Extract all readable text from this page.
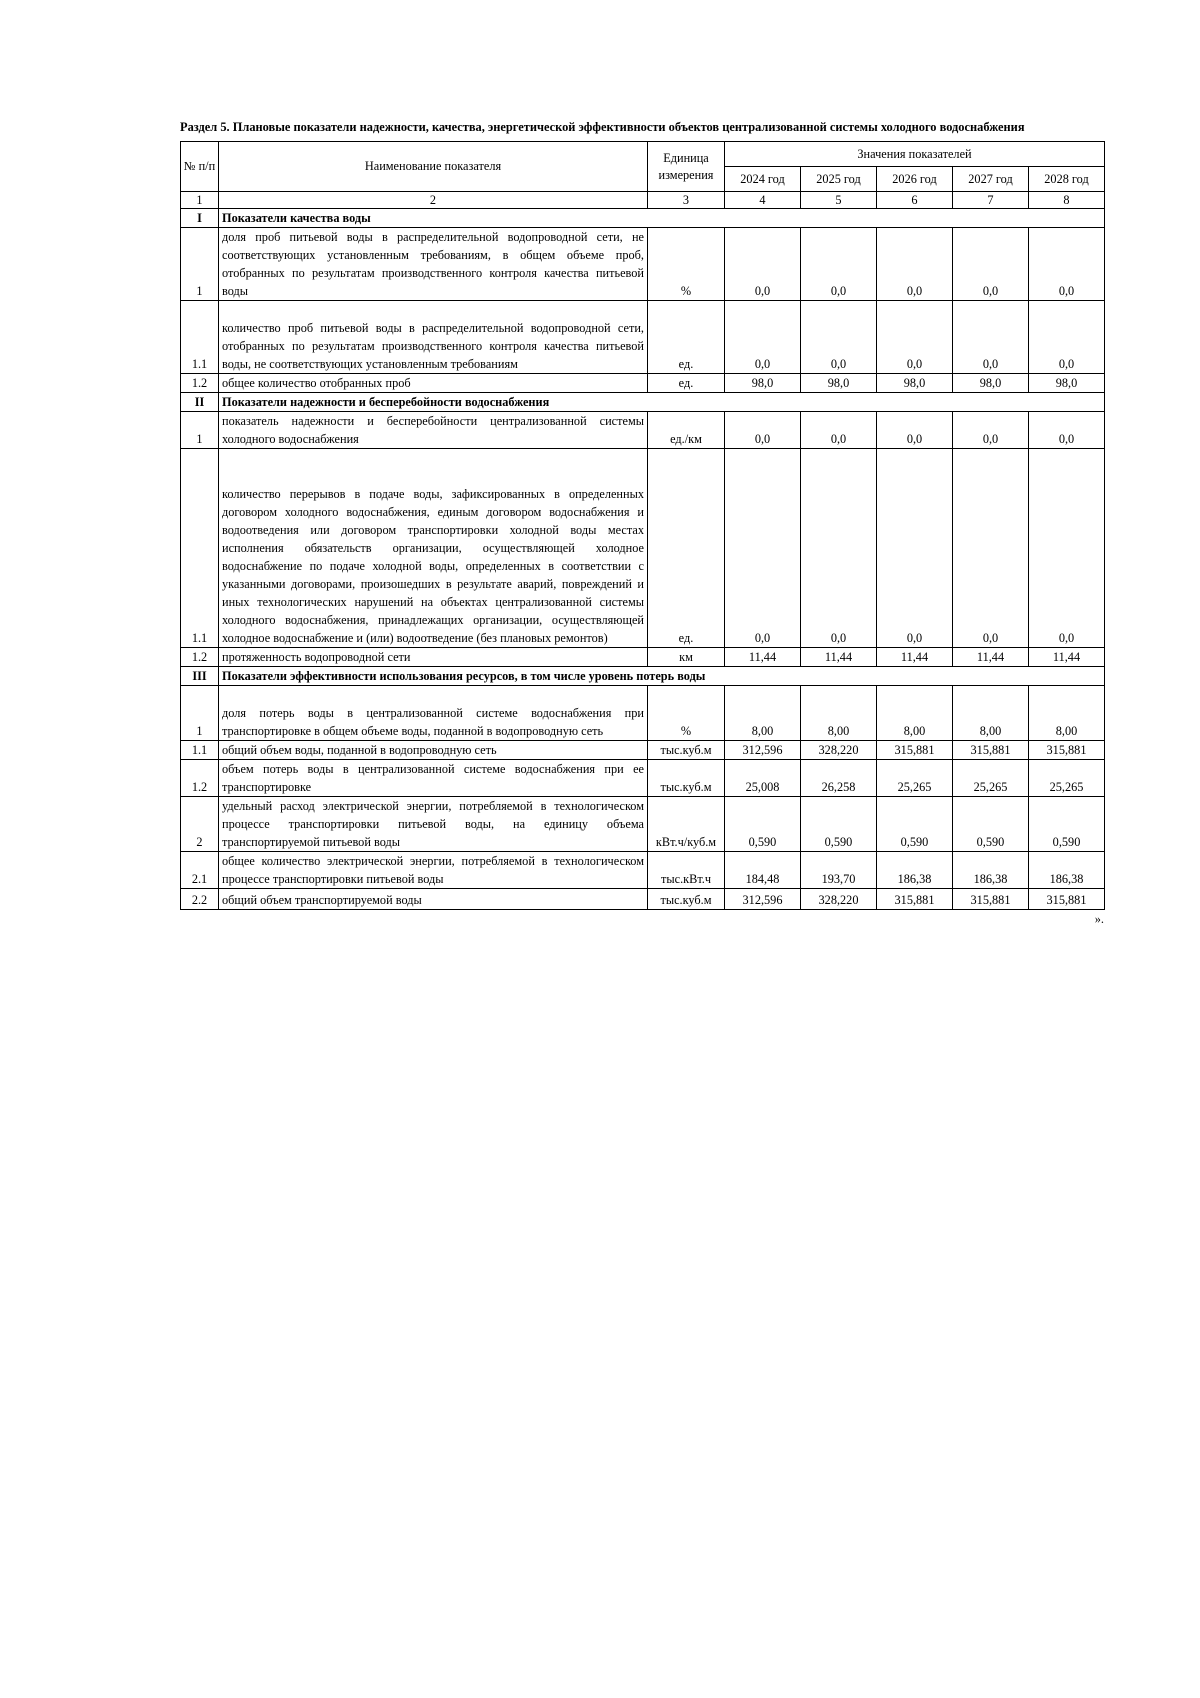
Раздел 5. Плановые показатели надежности, качества, энергетической эффективности объектов централизованной системы холодного водоснабжения
№ п/п	Наименование показателя	Единица измерения	Значения показателей				
			2024 год	2025 год	2026 год	2027 год	2028 год
1	2	3	4	5	6	7	8
I	Показатели качества воды						
1	доля проб питьевой воды в распределительной водопроводной сети, не соответствующих установленным требованиям, в общем объеме проб, отобранных по результатам производственного контроля качества питьевой воды	%	0,0	0,0	0,0	0,0	0,0
1.1	количество проб питьевой воды в распределительной водопроводной сети, отобранных по результатам производственного контроля качества питьевой воды, не соответствующих установленным требованиям	ед.	0,0	0,0	0,0	0,0	0,0
1.2	общее количество отобранных проб	ед.	98,0	98,0	98,0	98,0	98,0
II	Показатели надежности и бесперебойности водоснабжения						
1	показатель надежности и бесперебойности централизованной системы холодного водоснабжения	ед./км	0,0	0,0	0,0	0,0	0,0
1.1	количество перерывов в подаче воды, зафиксированных в определенных договором холодного водоснабжения, единым договором водоснабжения и водоотведения или договором транспортировки холодной воды местах исполнения обязательств организации, осуществляющей холодное водоснабжение по подаче холодной воды, определенных в соответствии с указанными договорами, произошедших в результате аварий, повреждений и иных технологических нарушений на объектах централизованной системы холодного водоснабжения, принадлежащих организации, осуществляющей холодное водоснабжение и (или) водоотведение (без плановых ремонтов)	ед.	0,0	0,0	0,0	0,0	0,0
1.2	протяженность водопроводной сети	км	11,44	11,44	11,44	11,44	11,44
III	Показатели эффективности использования ресурсов, в том числе уровень потерь воды						
1	доля потерь воды в централизованной системе водоснабжения при транспортировке в общем объеме воды, поданной в водопроводную сеть	%	8,00	8,00	8,00	8,00	8,00
1.1	общий объем воды, поданной в водопроводную сеть	тыс.куб.м	312,596	328,220	315,881	315,881	315,881
1.2	объем потерь воды в централизованной системе водоснабжения при ее транспортировке	тыс.куб.м	25,008	26,258	25,265	25,265	25,265
2	удельный расход электрической энергии, потребляемой в технологическом процессе транспортировки питьевой воды, на единицу объема транспортируемой питьевой воды	кВт.ч/куб.м	0,590	0,590	0,590	0,590	0,590
2.1	общее количество электрической энергии, потребляемой в технологическом процессе транспортировки питьевой воды	тыс.кВт.ч	184,48	193,70	186,38	186,38	186,38
2.2	общий объем транспортируемой воды	тыс.куб.м	312,596	328,220	315,881	315,881	315,881
».
